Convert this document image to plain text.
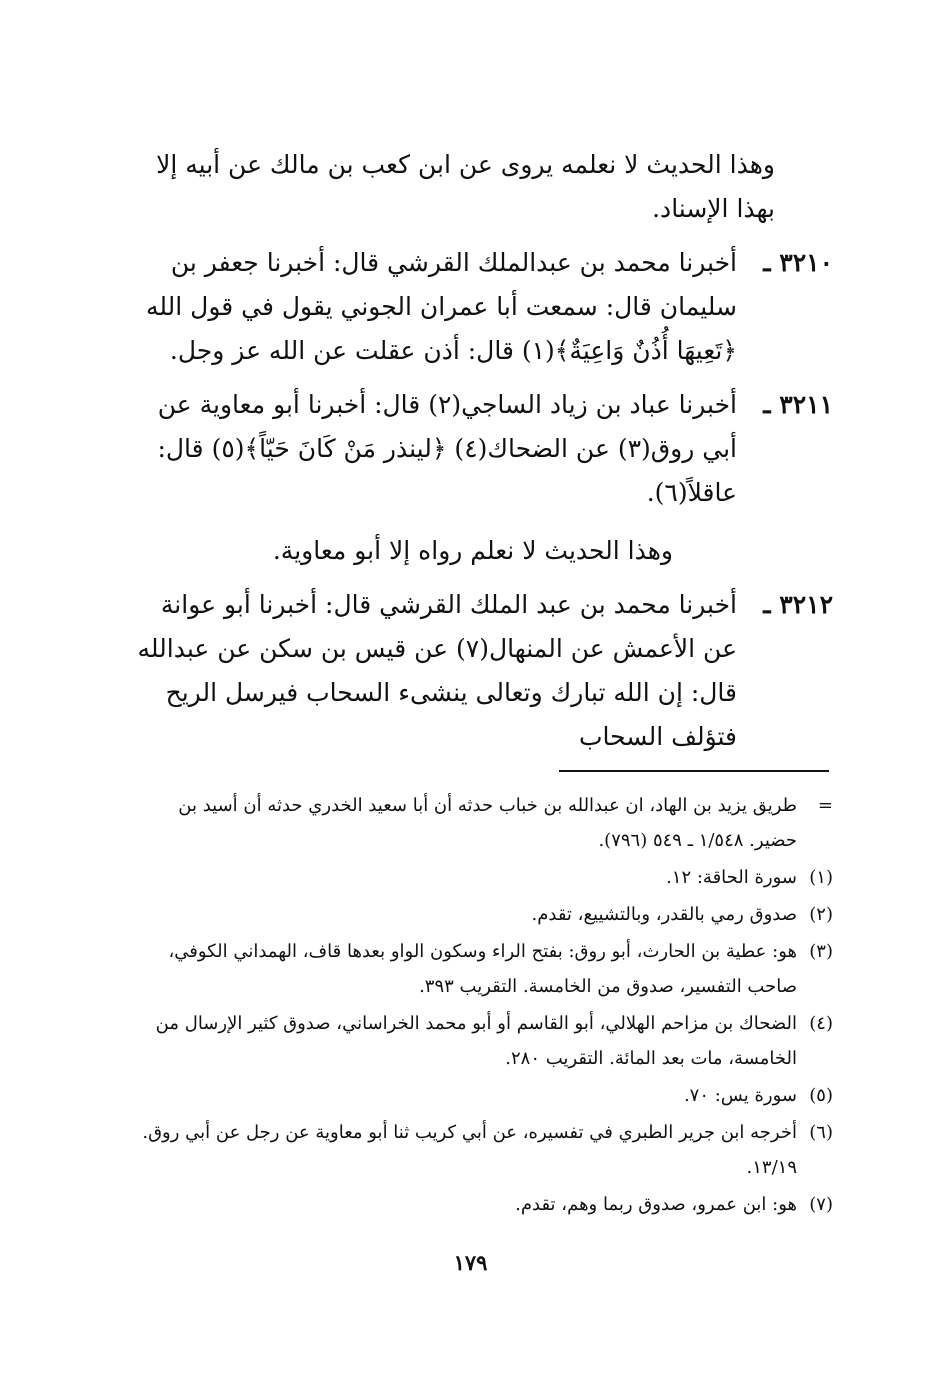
وهذا الحديث لا نعلمه يروى عن ابن كعب بن مالك عن أبيه إلا بهذا الإسناد.

٣٢١٠ ـ
أخبرنا محمد بن عبدالملك القرشي قال: أخبرنا جعفر بن سليمان قال: سمعت أبا عمران الجوني يقول في قول الله ﴿تَعِيهَا أُذُنٌ وَاعِيَةٌ﴾(١) قال: أذن عقلت عن الله عز وجل.
٣٢١١ ـ
أخبرنا عباد بن زياد الساجي(٢) قال: أخبرنا أبو معاوية عن أبي روق(٣) عن الضحاك(٤) ﴿لينذر مَنْ كَانَ حَيّاً﴾(٥) قال: عاقلاً(٦).

وهذا الحديث لا نعلم رواه إلا أبو معاوية.

٣٢١٢ ـ
أخبرنا محمد بن عبد الملك القرشي قال: أخبرنا أبو عوانة عن الأعمش عن المنهال(٧) عن قيس بن سكن عن عبدالله قال: إن الله تبارك وتعالى ينشىء السحاب فيرسل الريح فتؤلف السحاب
=
طريق يزيد بن الهاد، ان عبدالله بن خباب حدثه أن أبا سعيد الخدري حدثه أن أسيد بن حضير. ١/٥٤٨ ـ ٥٤٩ (٧٩٦).
(١)
سورة الحاقة: ١٢.
(٢)
صدوق رمي بالقدر، وبالتشييع، تقدم.
(٣)
هو: عطية بن الحارث، أبو روق: بفتح الراء وسكون الواو بعدها قاف، الهمداني الكوفي، صاحب التفسير، صدوق من الخامسة. التقريب ٣٩٣.
(٤)
الضحاك بن مزاحم الهلالي، أبو القاسم أو أبو محمد الخراساني، صدوق كثير الإرسال من الخامسة، مات بعد المائة. التقريب ٢٨٠.
(٥)
سورة يس: ٧٠.
(٦)
أخرجه ابن جرير الطبري في تفسيره، عن أبي كريب ثنا أبو معاوية عن رجل عن أبي روق. ١٣/١٩.
(٧)
هو: ابن عمرو، صدوق ربما وهم، تقدم.
١٧٩
